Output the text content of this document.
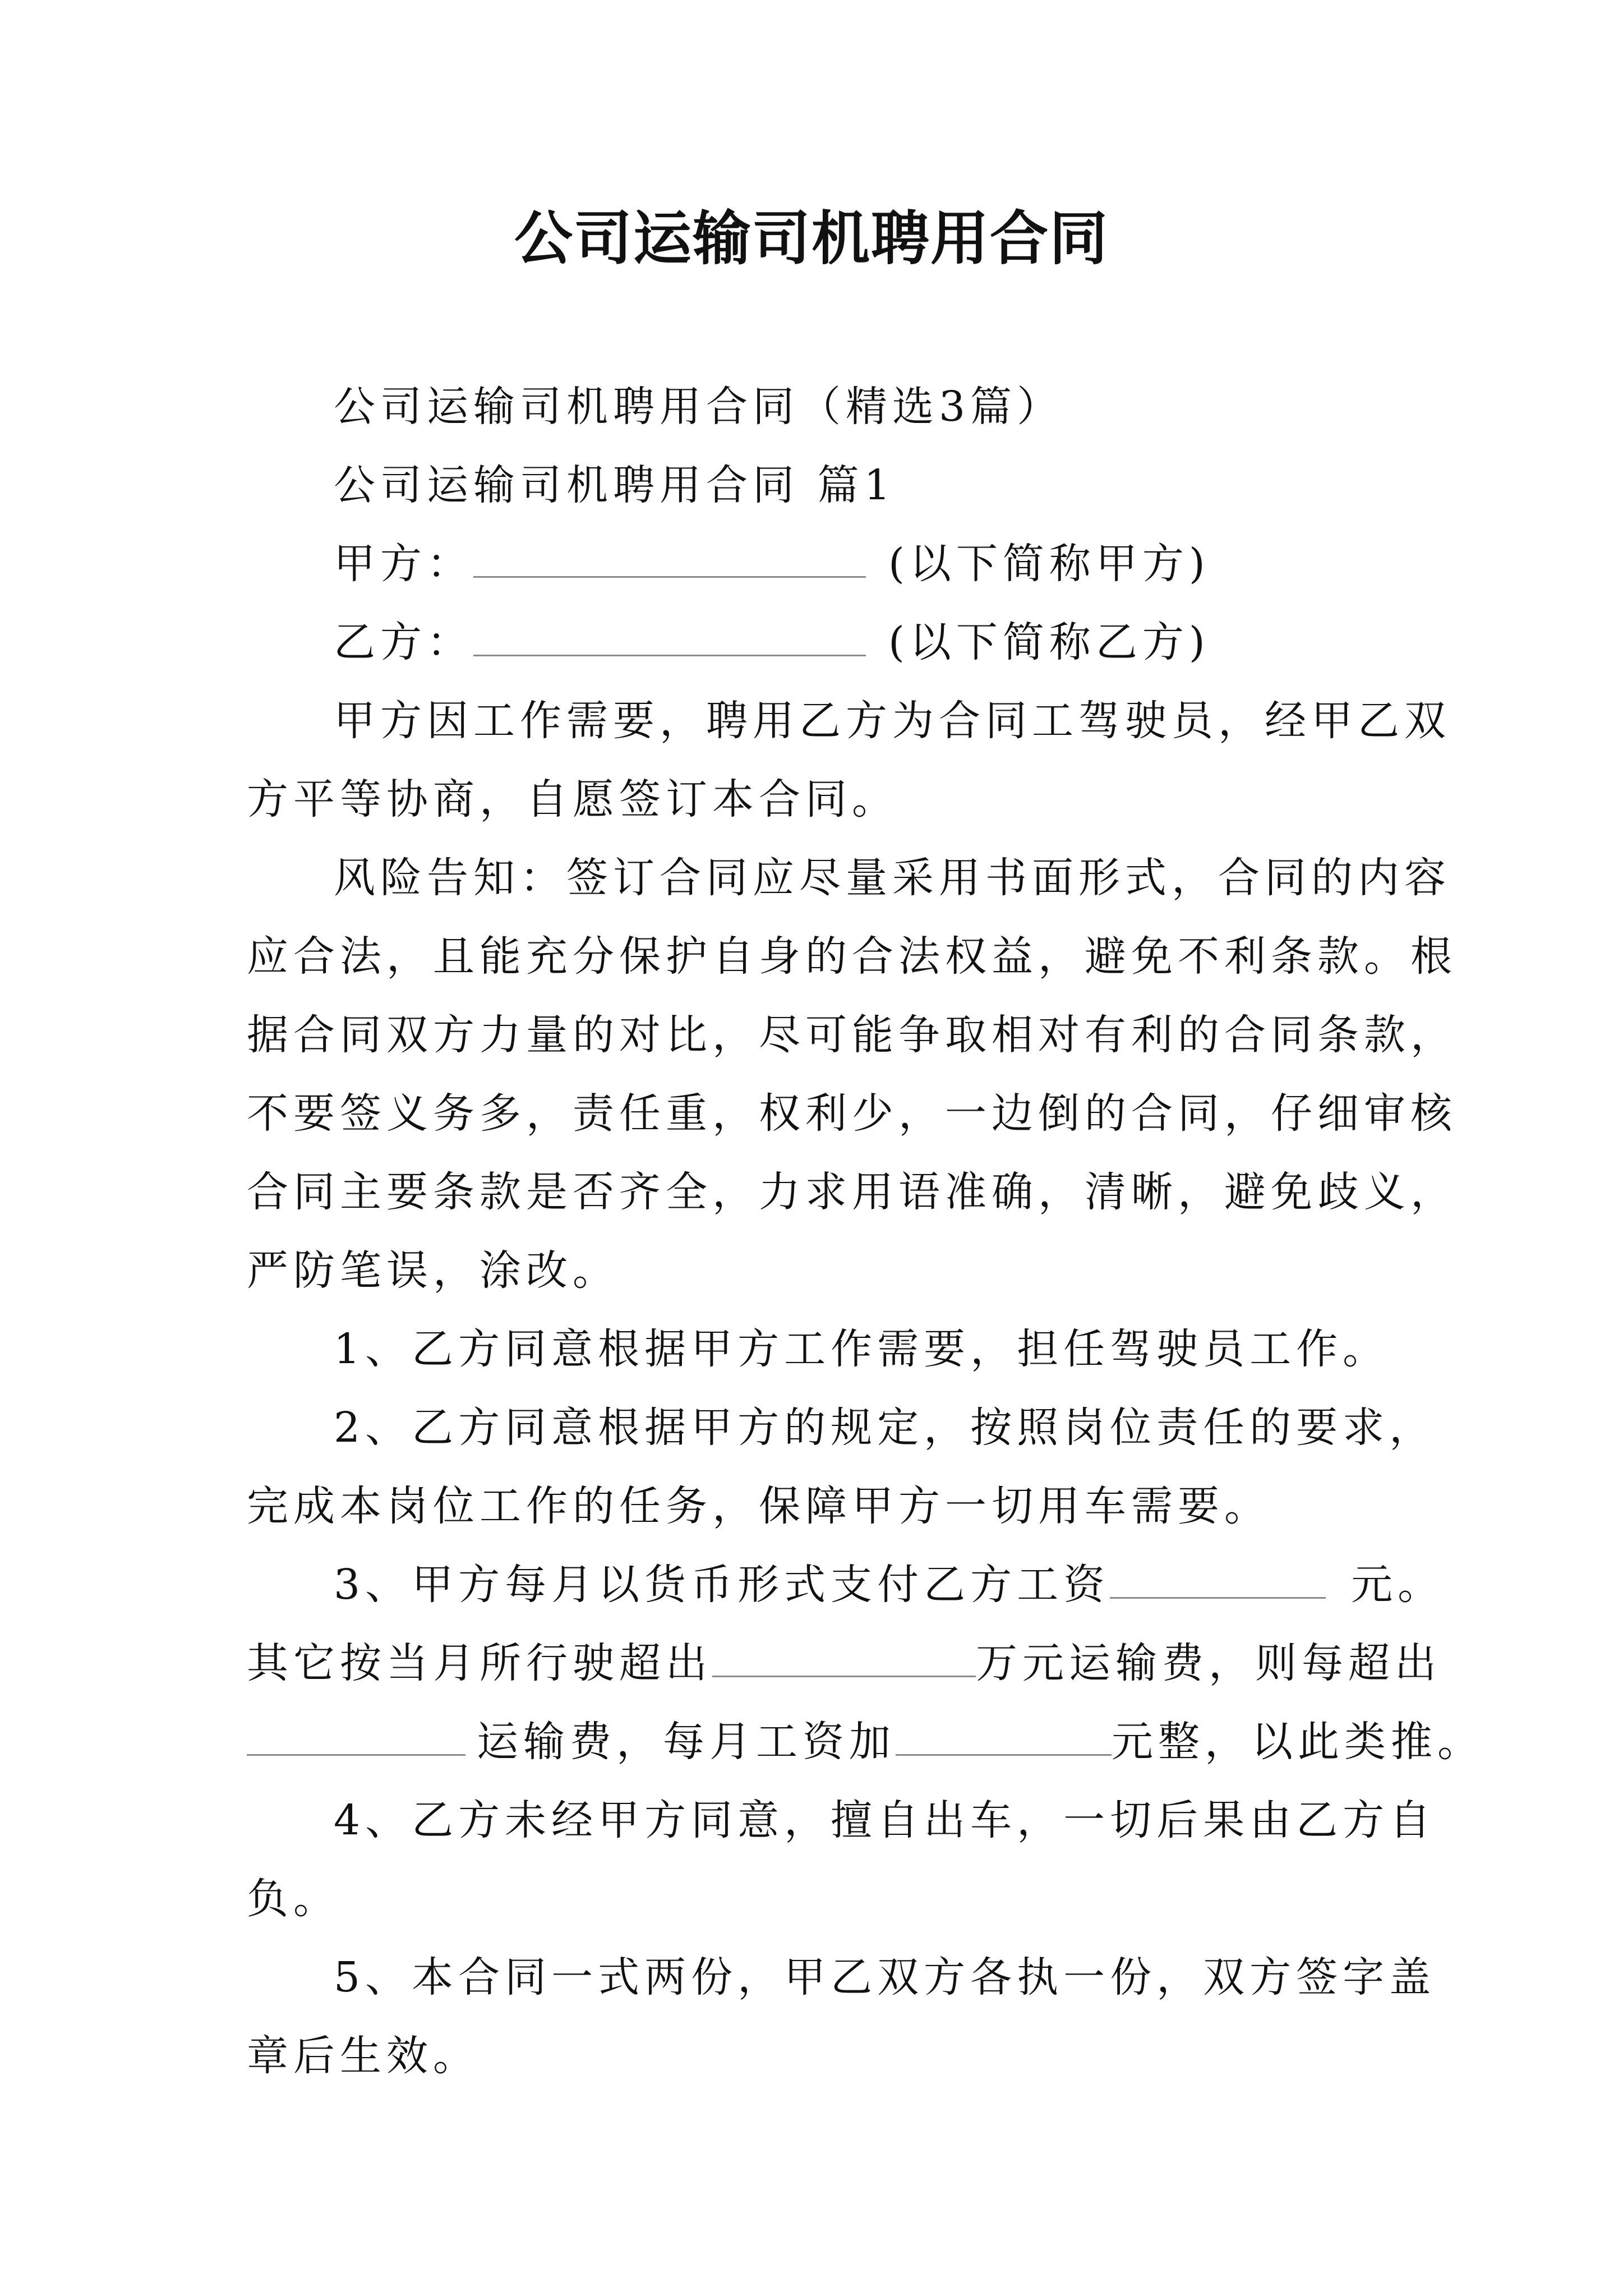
公司运输司机聘用合同
公司运输司机聘用合同（精选3篇）
公司运输司机聘用合同 篇1
甲方：	(以下简称甲方)
乙方：	(以下简称乙方)
甲方因工作需要，聘用乙方为合同工驾驶员，经甲乙双
方平等协商，自愿签订本合同。
风险告知：签订合同应尽量采用书面形式，合同的内容
应合法，且能充分保护自身的合法权益，避免不利条款。根
据合同双方力量的对比，尽可能争取相对有利的合同条款，
不要签义务多，责任重，权利少，一边倒的合同，仔细审核
合同主要条款是否齐全，力求用语准确，清晰，避免歧义，
严防笔误，涂改。
1、乙方同意根据甲方工作需要，担任驾驶员工作。
2、乙方同意根据甲方的规定，按照岗位责任的要求，
完成本岗位工作的任务，保障甲方一切用车需要。
3、甲方每月以货币形式支付乙方工资	元。
其它按当月所行驶超出	万元运输费，则每超出
运输费，每月工资加	元整，以此类推。
4、乙方未经甲方同意，擅自出车，一切后果由乙方自
负。
5、本合同一式两份，甲乙双方各执一份，双方签字盖
章后生效。
